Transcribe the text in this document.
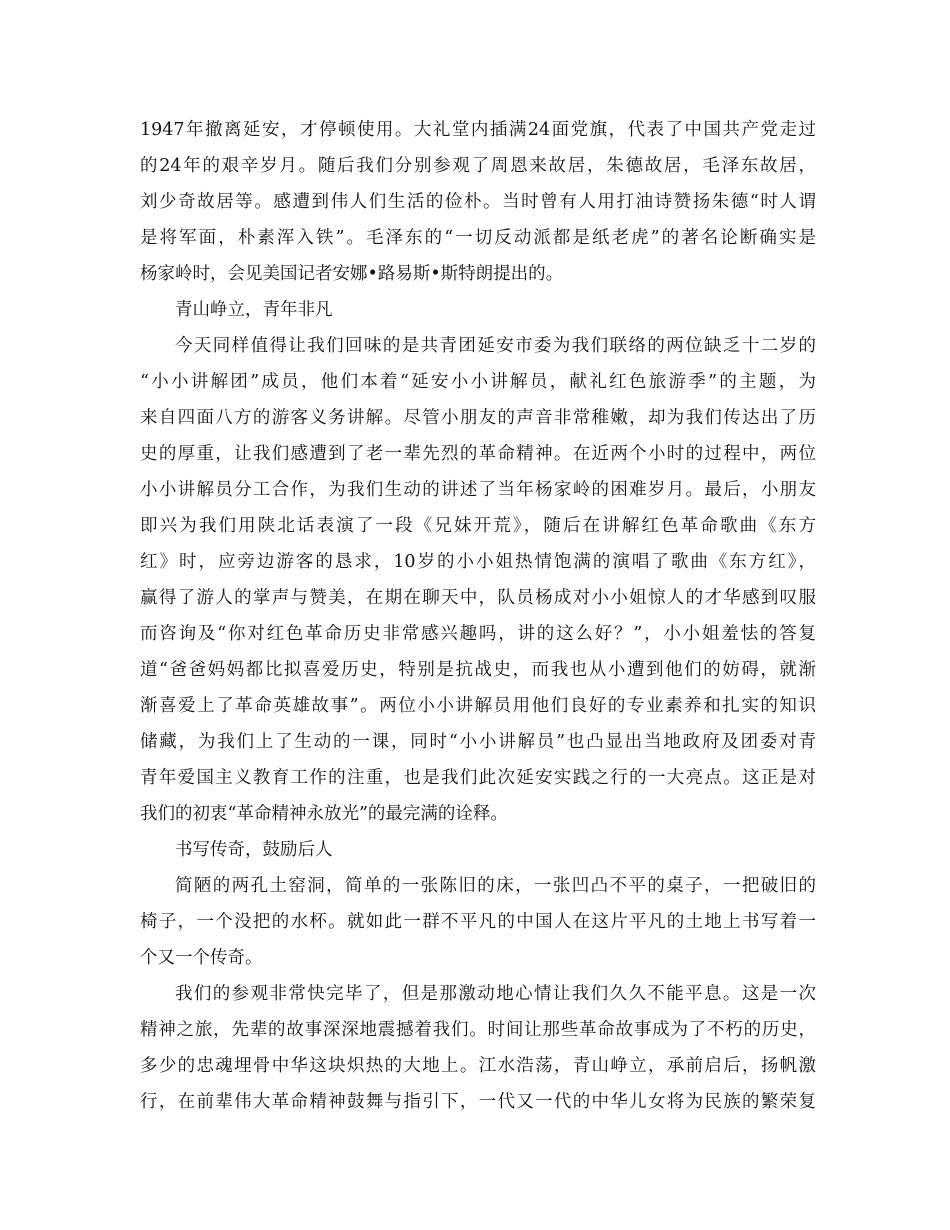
1947年撤离延安，才停顿使用。大礼堂内插满24面党旗，代表了中国共产党走过
的24年的艰辛岁月。随后我们分别参观了周恩来故居，朱德故居，毛泽东故居，
刘少奇故居等。感遭到伟人们生活的俭朴。当时曾有人用打油诗赞扬朱德“时人谓
是将军面，朴素浑入铁”。毛泽东的“一切反动派都是纸老虎”的著名论断确实是
杨家岭时，会见美国记者安娜•路易斯•斯特朗提出的。
青山峥立，青年非凡
今天同样值得让我们回味的是共青团延安市委为我们联络的两位缺乏十二岁的
“小小讲解团”成员，他们本着“延安小小讲解员，献礼红色旅游季”的主题，为
来自四面八方的游客义务讲解。尽管小朋友的声音非常稚嫩，却为我们传达出了历
史的厚重，让我们感遭到了老一辈先烈的革命精神。在近两个小时的过程中，两位
小小讲解员分工合作，为我们生动的讲述了当年杨家岭的困难岁月。最后，小朋友
即兴为我们用陕北话表演了一段《兄妹开荒》，随后在讲解红色革命歌曲《东方
红》时，应旁边游客的恳求，10岁的小小姐热情饱满的演唱了歌曲《东方红》，
赢得了游人的掌声与赞美，在期在聊天中，队员杨成对小小姐惊人的才华感到叹服
而咨询及“你对红色革命历史非常感兴趣吗，讲的这么好？”，小小姐羞怯的答复
道“爸爸妈妈都比拟喜爱历史，特别是抗战史，而我也从小遭到他们的妨碍，就渐
渐喜爱上了革命英雄故事”。两位小小讲解员用他们良好的专业素养和扎实的知识
储藏，为我们上了生动的一课，同时“小小讲解员”也凸显出当地政府及团委对青
青年爱国主义教育工作的注重，也是我们此次延安实践之行的一大亮点。这正是对
我们的初衷“革命精神永放光”的最完满的诠释。
书写传奇，鼓励后人
简陋的两孔土窑洞，简单的一张陈旧的床，一张凹凸不平的桌子，一把破旧的
椅子，一个没把的水杯。就如此一群不平凡的中国人在这片平凡的土地上书写着一
个又一个传奇。
我们的参观非常快完毕了，但是那激动地心情让我们久久不能平息。这是一次
精神之旅，先辈的故事深深地震撼着我们。时间让那些革命故事成为了不朽的历史，
多少的忠魂埋骨中华这块炽热的大地上。江水浩荡，青山峥立，承前启后，扬帆激
行，在前辈伟大革命精神鼓舞与指引下，一代又一代的中华儿女将为民族的繁荣复
